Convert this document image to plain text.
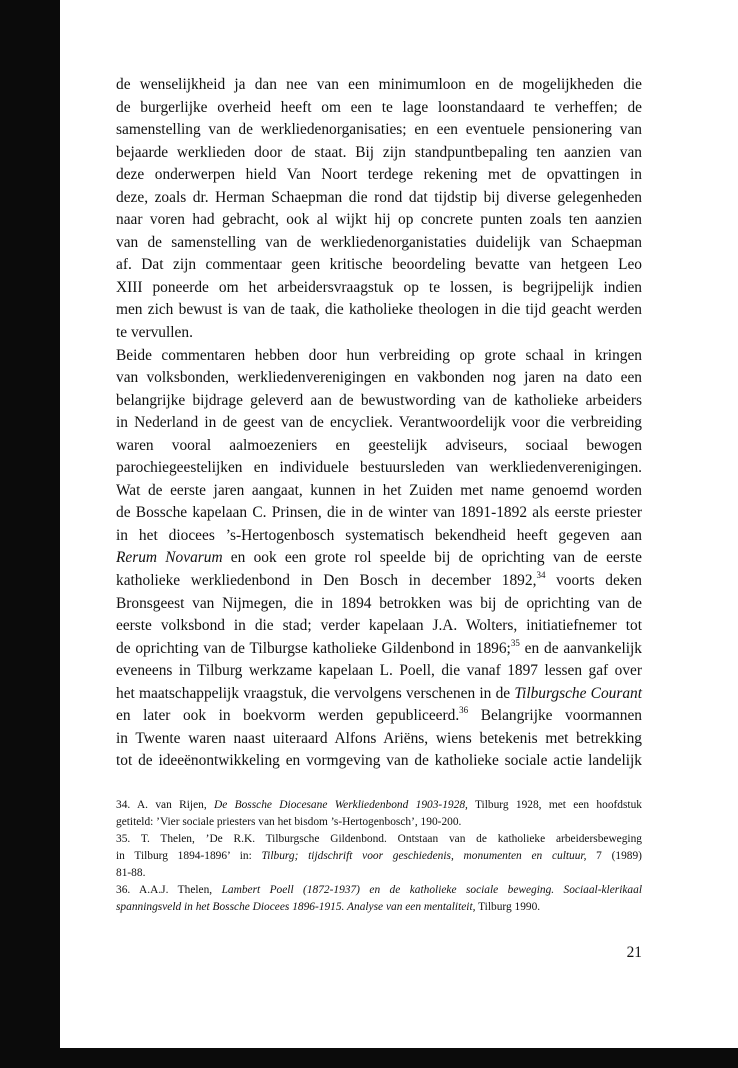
de wenselijkheid ja dan nee van een minimumloon en de mogelijkheden die
de burgerlijke overheid heeft om een te lage loonstandaard te verheffen; de
samenstelling van de werkliedenorganisaties; en een eventuele pensionering van
bejaarde werklieden door de staat. Bij zijn standpuntbepaling ten aanzien van
deze onderwerpen hield Van Noort terdege rekening met de opvattingen in
deze, zoals dr. Herman Schaepman die rond dat tijdstip bij diverse gelegenheden
naar voren had gebracht, ook al wijkt hij op concrete punten zoals ten aanzien
van de samenstelling van de werkliedenorganistaties duidelijk van Schaepman
af. Dat zijn commentaar geen kritische beoordeling bevatte van hetgeen Leo
XIII poneerde om het arbeidersvraagstuk op te lossen, is begrijpelijk indien
men zich bewust is van de taak, die katholieke theologen in die tijd geacht werden
te vervullen.
Beide commentaren hebben door hun verbreiding op grote schaal in kringen
van volksbonden, werkliedenverenigingen en vakbonden nog jaren na dato een
belangrijke bijdrage geleverd aan de bewustwording van de katholieke arbeiders
in Nederland in de geest van de encycliek. Verantwoordelijk voor die verbreiding
waren vooral aalmoezeniers en geestelijk adviseurs, sociaal bewogen
parochiegeestelijken en individuele bestuursleden van werkliedenverenigingen.
Wat de eerste jaren aangaat, kunnen in het Zuiden met name genoemd worden
de Bossche kapelaan C. Prinsen, die in de winter van 1891-1892 als eerste priester
in het diocees ’s-Hertogenbosch systematisch bekendheid heeft gegeven aan
Rerum Novarum en ook een grote rol speelde bij de oprichting van de eerste
katholieke werkliedenbond in Den Bosch in december 1892,34 voorts deken
Bronsgeest van Nijmegen, die in 1894 betrokken was bij de oprichting van de
eerste volksbond in die stad; verder kapelaan J.A. Wolters, initiatiefnemer tot
de oprichting van de Tilburgse katholieke Gildenbond in 1896;$^{35}$ en de aanvankelijk
eveneens in Tilburg werkzame kapelaan L. Poell, die vanaf 1897 lessen gaf over
het maatschappelijk vraagstuk, die vervolgens verschenen in de Tilburgsche Courant
en later ook in boekvorm werden gepubliceerd.$^{36}$ Belangrijke voormannen
in Twente waren naast uiteraard Alfons Ariëns, wiens betekenis met betrekking
tot de ideeënontwikkeling en vormgeving van de katholieke sociale actie landelijk
34. A. van Rijen, De Bossche Diocesane Werkliedenbond 1903-1928, Tilburg 1928, met een hoofdstuk
getiteld: ’Vier sociale priesters van het bisdom ’s-Hertogenbosch’, 190-200.
35. T. Thelen, ’De R.K. Tilburgsche Gildenbond. Ontstaan van de katholieke arbeidersbeweging
in Tilburg 1894-1896’ in: Tilburg; tijdschrift voor geschiedenis, monumenten en cultuur, 7 (1989)
81-88.
36. A.A.J. Thelen, Lambert Poell (1872-1937) en de katholieke sociale beweging. Sociaal-klerikaal
spanningsveld in het Bossche Diocees 1896-1915. Analyse van een mentaliteit, Tilburg 1990.
21
